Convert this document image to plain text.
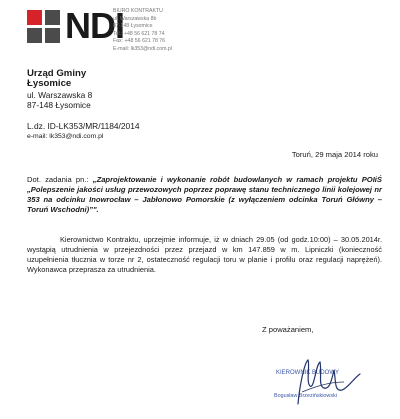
NDI
BIURO KONTRAKTU
ul. Warszawska 8b
87-148 Łysomice
Tel.: +48 56 621 78 74
Fax: +48 56 621 78 76
E-mail: lk353@ndi.com.pl
Urząd Gminy
Łysomice
ul. Warszawska 8
87-148 Łysomice
L.dz. ID-LK353/MR/1184/2014
e-mail: lk353@ndi.com.pl
Toruń, 29 maja 2014 roku
Dot. zadania pn.: „Zaprojektowanie i wykonanie robót budowlanych w ramach projektu POIiŚ „Polepszenie jakości usług przewozowych poprzez poprawę stanu technicznego linii kolejowej nr 353 na odcinku Inowrocław – Jabłonowo Pomorskie (z wyłączeniem odcinka Toruń Główny – Toruń Wschodni)”".
Kierownictwo Kontraktu, uprzejmie informuje, iż w dniach 29.05 (od godz.10:00) – 30.05.2014r. wystąpią utrudnienia w przejezdności przez przejazd w km 147.859 w m. Lipniczki (konieczność uzupełnienia tłucznia w torze nr 2, ostateczność regulacji toru w planie i profilu oraz regulacji naprężeń). Wykonawca przeprasza za utrudnienia.
Z poważaniem,
KIEROWNIK BUDOWY
Bogusław Brzezińskiowski
